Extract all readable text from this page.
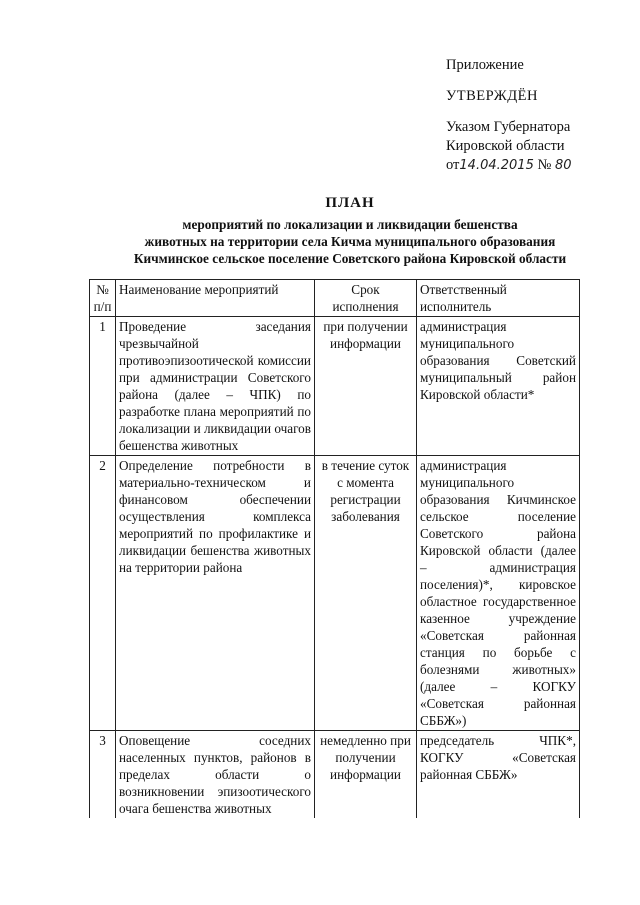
Приложение
УТВЕРЖДЁН
Указом Губернатора
Кировской области
от14.04.2015 № 80
ПЛАН
мероприятий по локализации и ликвидации бешенства
животных на территории села Кичма муниципального образования
Кичминское сельское поселение Советского района Кировской области
№ п/п	Наименование мероприятий	Срок исполнения	Ответственный исполнитель
1	Проведение заседания чрезвычайной противоэпизоотической комиссии при администрации Советского района (далее – ЧПК) по разработке плана мероприятий по локализации и ликвидации очагов бешенства животных	при получении информации	администрация муниципального образования Советский муниципальный район Кировской области*
2	Определение потребности в материально-техническом и финансовом обеспечении осуществления комплекса мероприятий по профилактике и ликвидации бешенства животных на территории района	в течение суток с момента регистрации заболевания	администрация муниципального образования Кичминское сельское поселение Советского района Кировской области (далее – администрация поселения)*, кировское областное государственное казенное учреждение «Советская районная станция по борьбе с болезнями животных» (далее – КОГКУ «Советская районная СББЖ»)
3	Оповещение соседних населенных пунктов, районов в пределах области о возникновении эпизоотического очага бешенства животных	немедленно при получении информации	председатель ЧПК*, КОГКУ «Советская районная СББЖ»
